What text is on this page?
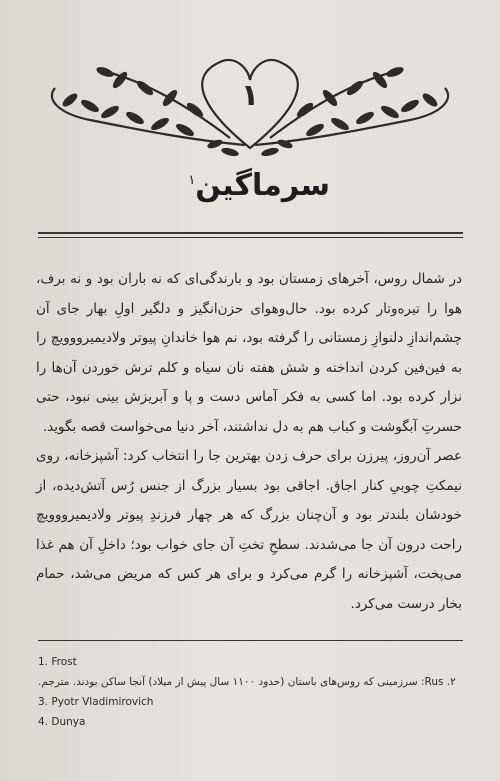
۱
سرماگین$^۱$

در شمال روس، آخرهای زمستان بود و بارندگی‌ای که نه باران بود و نه برف، هوا را تیره‌وتار کرده بود. حال‌وهوای حزن‌انگیز و دلگیر اولِ بهار جای آن چشم‌اندازِ دلنوازِ زمستانی را گرفته بود، نم هوا خاندانِ پیوتر ولادیمیرووویچ را به فین‌فین کردن انداخته و شش هفته نان سیاه و کلم ترش خوردن آن‌ها را نزار کرده بود. اما کسی به فکر آماس دست و پا و آبریزش بینی نبود، حتی حسرتِ آبگوشت و کباب هم به دل نداشتند، آخر دنیا می‌خواست قصه بگوید.

عصر آن‌روز، پیرزن برای حرف زدن بهترین جا را انتخاب کرد: آشپزخانه، روی نیمکتِ چوبیِ کنار اجاق. اجاقی بود بسیار بزرگ از جنس رُس آتش‌دیده، از خودشان بلندتر بود و آن‌چنان بزرگ که هر چهار فرزندِ پیوتر ولادیمیرووویچ راحت درون آن جا می‌شدند. سطحِ تختِ آن جای خواب بود؛ داخلِ آن هم غذا می‌پخت، آشپزخانه را گرم می‌کرد و برای هر کس که مریض می‌شد، حمام بخار درست می‌کرد.

1. Frost
۲. Rus: سرزمینی که روس‌های باستان (حدود ۱۱۰۰ سال پیش از میلاد) آنجا ساکن بودند. مترجم.
3. Pyotr Vladimirovich
4. Dunya
